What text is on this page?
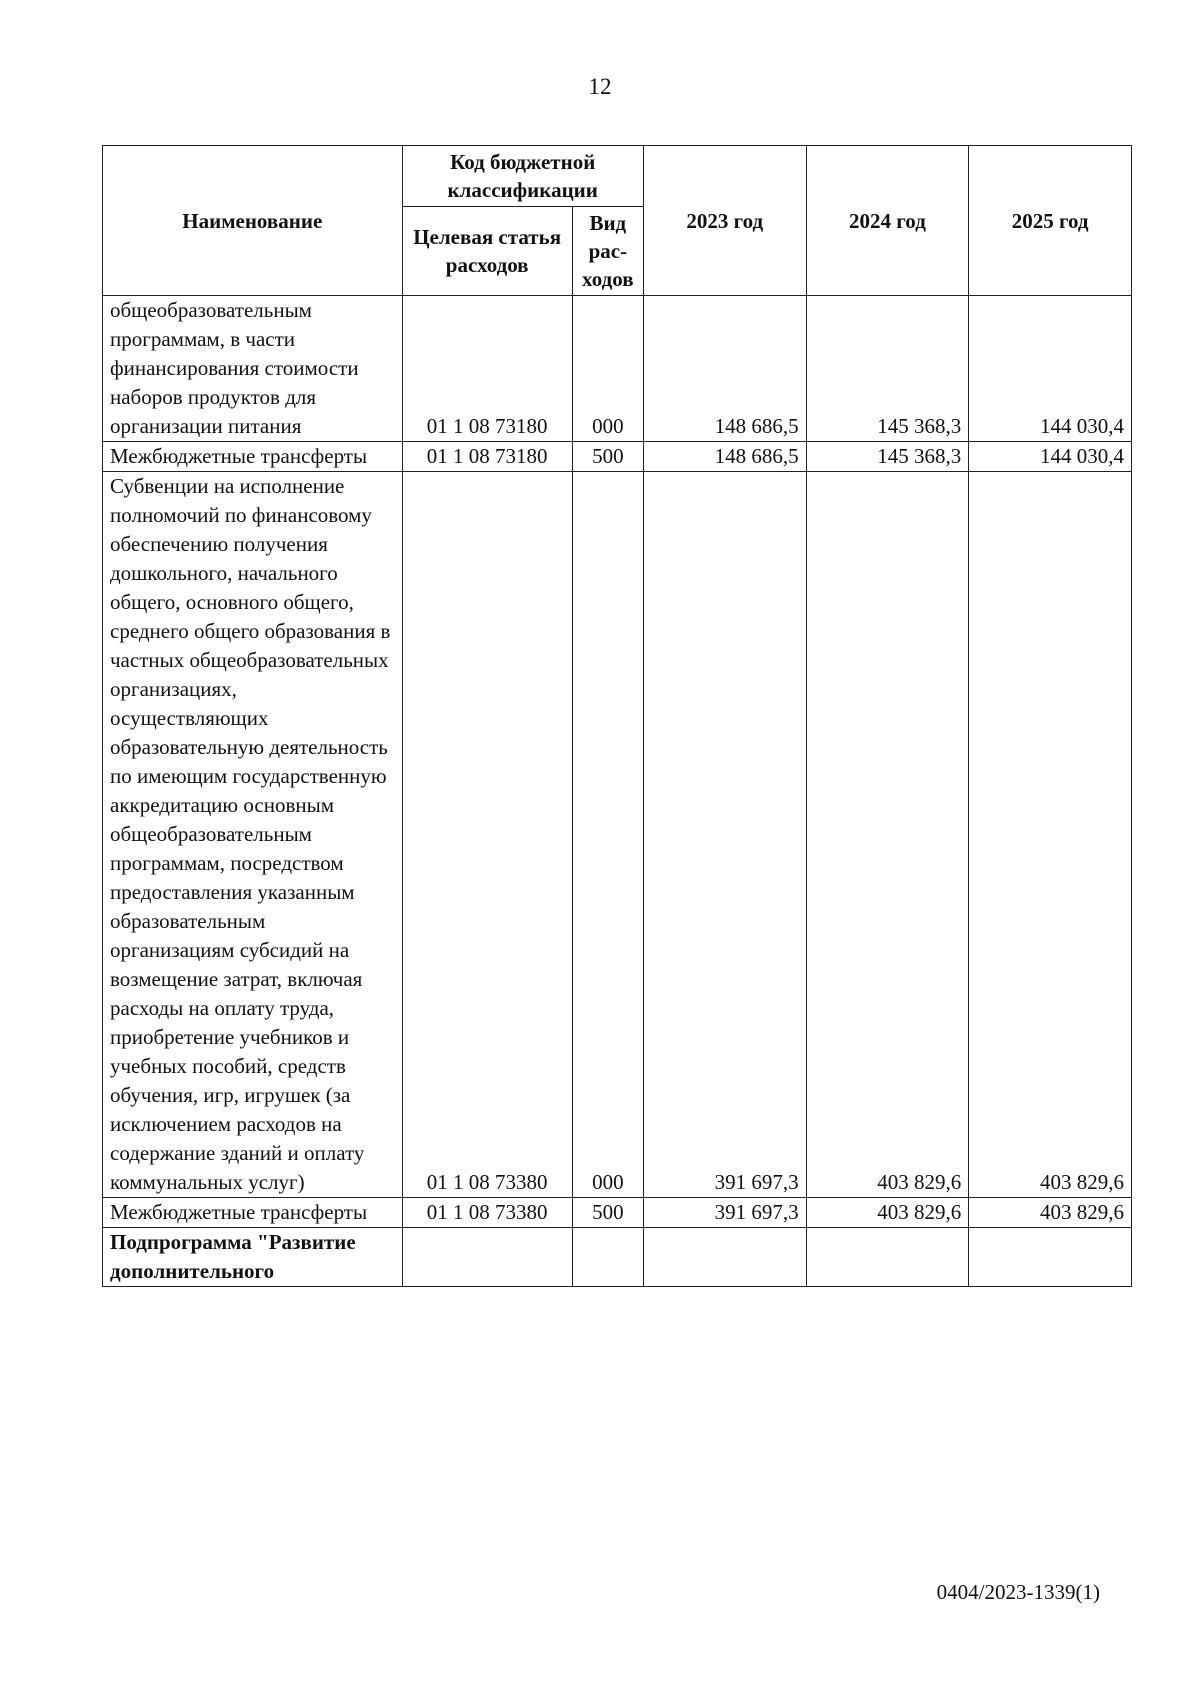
12
Наименование	Код бюджетной классификации		2023 год	2024 год	2025 год
	Целевая статья расходов	Вид рас-ходов			
общеобразовательным программам, в части финансирования стоимости наборов продуктов для организации питания	01 1 08 73180	000	148 686,5	145 368,3	144 030,4
Межбюджетные трансферты	01 1 08 73180	500	148 686,5	145 368,3	144 030,4
Субвенции на исполнение полномочий по финансовому обеспечению получения дошкольного, начального общего, основного общего, среднего общего образования в частных общеобразовательных организациях, осуществляющих образовательную деятельность по имеющим государственную аккредитацию основным общеобразовательным программам, посредством предоставления указанным образовательным организациям субсидий на возмещение затрат, включая расходы на оплату труда, приобретение учебников и учебных пособий, средств обучения, игр, игрушек (за исключением расходов на содержание зданий и оплату коммунальных услуг)	01 1 08 73380	000	391 697,3	403 829,6	403 829,6
Межбюджетные трансферты	01 1 08 73380	500	391 697,3	403 829,6	403 829,6
Подпрограмма "Развитие дополнительного					
0404/2023-1339(1)
